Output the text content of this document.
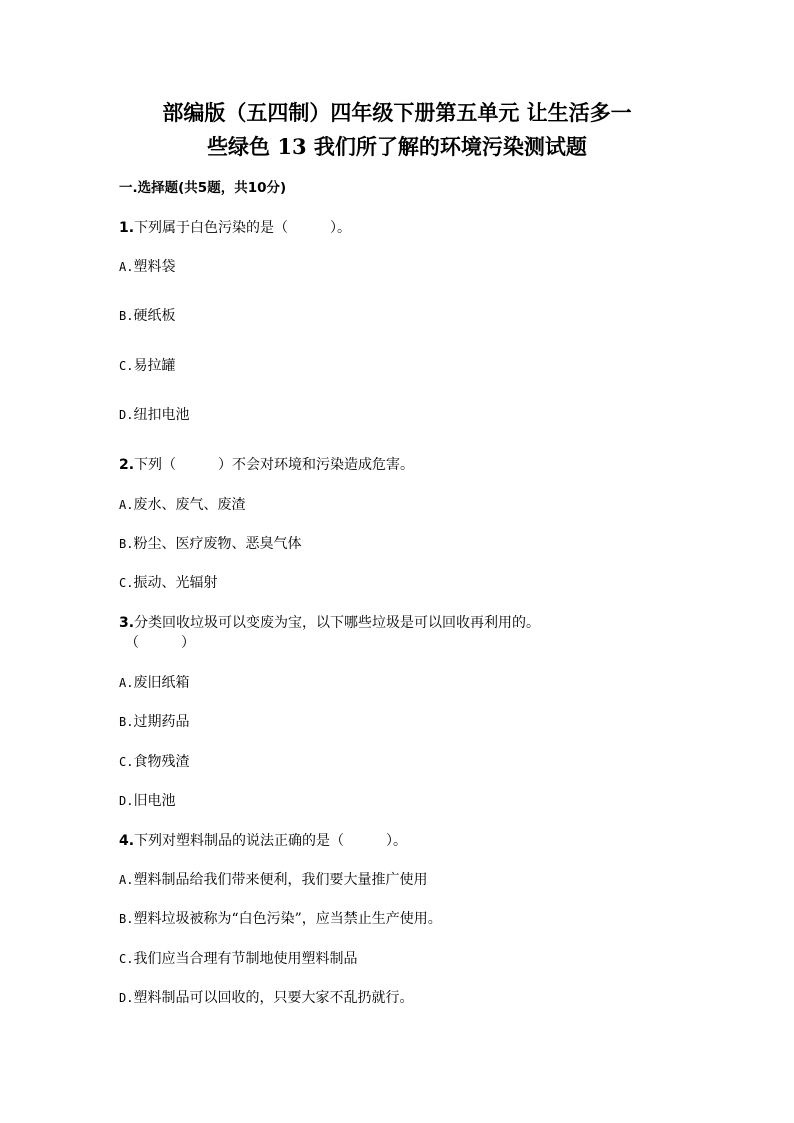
部编版（五四制）四年级下册第五单元 让生活多一
些绿色 13 我们所了解的环境污染测试题
一.选择题(共5题，共10分)
1.下列属于白色污染的是（　　　）。
A.塑料袋
B.硬纸板
C.易拉罐
D.纽扣电池
2.下列（　　　）不会对环境和污染造成危害。
A.废水、废气、废渣
B.粉尘、医疗废物、恶臭气体
C.振动、光辐射
3.分类回收垃圾可以变废为宝，以下哪些垃圾是可以回收再利用的。
（　　　）
A.废旧纸箱
B.过期药品
C.食物残渣
D.旧电池
4.下列对塑料制品的说法正确的是（　　　）。
A.塑料制品给我们带来便利，我们要大量推广使用
B.塑料垃圾被称为“白色污染”，应当禁止生产使用。
C.我们应当合理有节制地使用塑料制品
D.塑料制品可以回收的，只要大家不乱扔就行。
